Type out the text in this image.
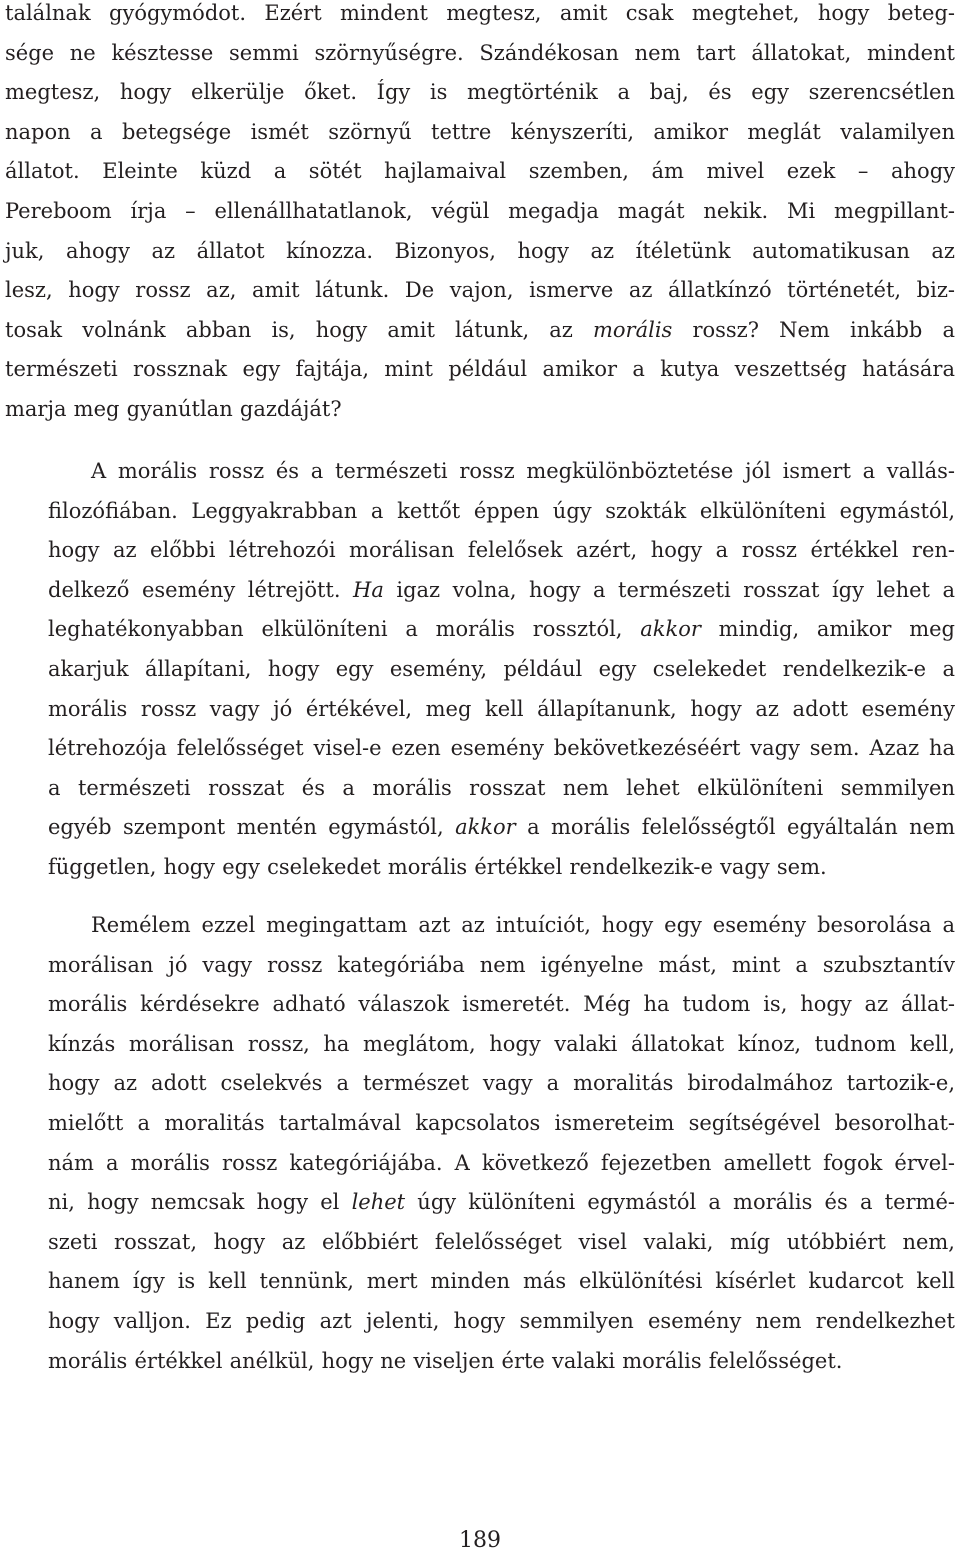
találnak gyógymódot. Ezért mindent megtesz, amit csak megtehet, hogy beteg-
sége ne késztesse semmi szörnyűségre. Szándékosan nem tart állatokat, mindent
megtesz, hogy elkerülje őket. Így is megtörténik a baj, és egy szerencsétlen
napon a betegsége ismét szörnyű tettre kényszeríti, amikor meglát valamilyen
állatot. Eleinte küzd a sötét hajlamaival szemben, ám mivel ezek – ahogy
Pereboom írja – ellenállhatatlanok, végül megadja magát nekik. Mi megpillant-
juk, ahogy az állatot kínozza. Bizonyos, hogy az ítéletünk automatikusan az
lesz, hogy rossz az, amit látunk. De vajon, ismerve az állatkínzó történetét, biz-
tosak volnánk abban is, hogy amit látunk, az morális rossz? Nem inkább a
természeti rossznak egy fajtája, mint például amikor a kutya veszettség hatására
marja meg gyanútlan gazdáját?
A morális rossz és a természeti rossz megkülönböztetése jól ismert a vallás-
filozófiában. Leggyakrabban a kettőt éppen úgy szokták elkülöníteni egymástól,
hogy az előbbi létrehozói morálisan felelősek azért, hogy a rossz értékkel ren-
delkező esemény létrejött. Ha igaz volna, hogy a természeti rosszat így lehet a
leghatékonyabban elkülöníteni a morális rossztól, akkor mindig, amikor meg
akarjuk állapítani, hogy egy esemény, például egy cselekedet rendelkezik-e a
morális rossz vagy jó értékével, meg kell állapítanunk, hogy az adott esemény
létrehozója felelősséget visel-e ezen esemény bekövetkezéséért vagy sem. Azaz ha
a természeti rosszat és a morális rosszat nem lehet elkülöníteni semmilyen
egyéb szempont mentén egymástól, akkor a morális felelősségtől egyáltalán nem
független, hogy egy cselekedet morális értékkel rendelkezik-e vagy sem.
Remélem ezzel megingattam azt az intuíciót, hogy egy esemény besorolása a
morálisan jó vagy rossz kategóriába nem igényelne mást, mint a szubsztantív
morális kérdésekre adható válaszok ismeretét. Még ha tudom is, hogy az állat-
kínzás morálisan rossz, ha meglátom, hogy valaki állatokat kínoz, tudnom kell,
hogy az adott cselekvés a természet vagy a moralitás birodalmához tartozik-e,
mielőtt a moralitás tartalmával kapcsolatos ismereteim segítségével besorolhat-
nám a morális rossz kategóriájába. A következő fejezetben amellett fogok érvel-
ni, hogy nemcsak hogy el lehet úgy különíteni egymástól a morális és a termé-
szeti rosszat, hogy az előbbiért felelősséget visel valaki, míg utóbbiért nem,
hanem így is kell tennünk, mert minden más elkülönítési kísérlet kudarcot kell
hogy valljon. Ez pedig azt jelenti, hogy semmilyen esemény nem rendelkezhet
morális értékkel anélkül, hogy ne viseljen érte valaki morális felelősséget.
189
